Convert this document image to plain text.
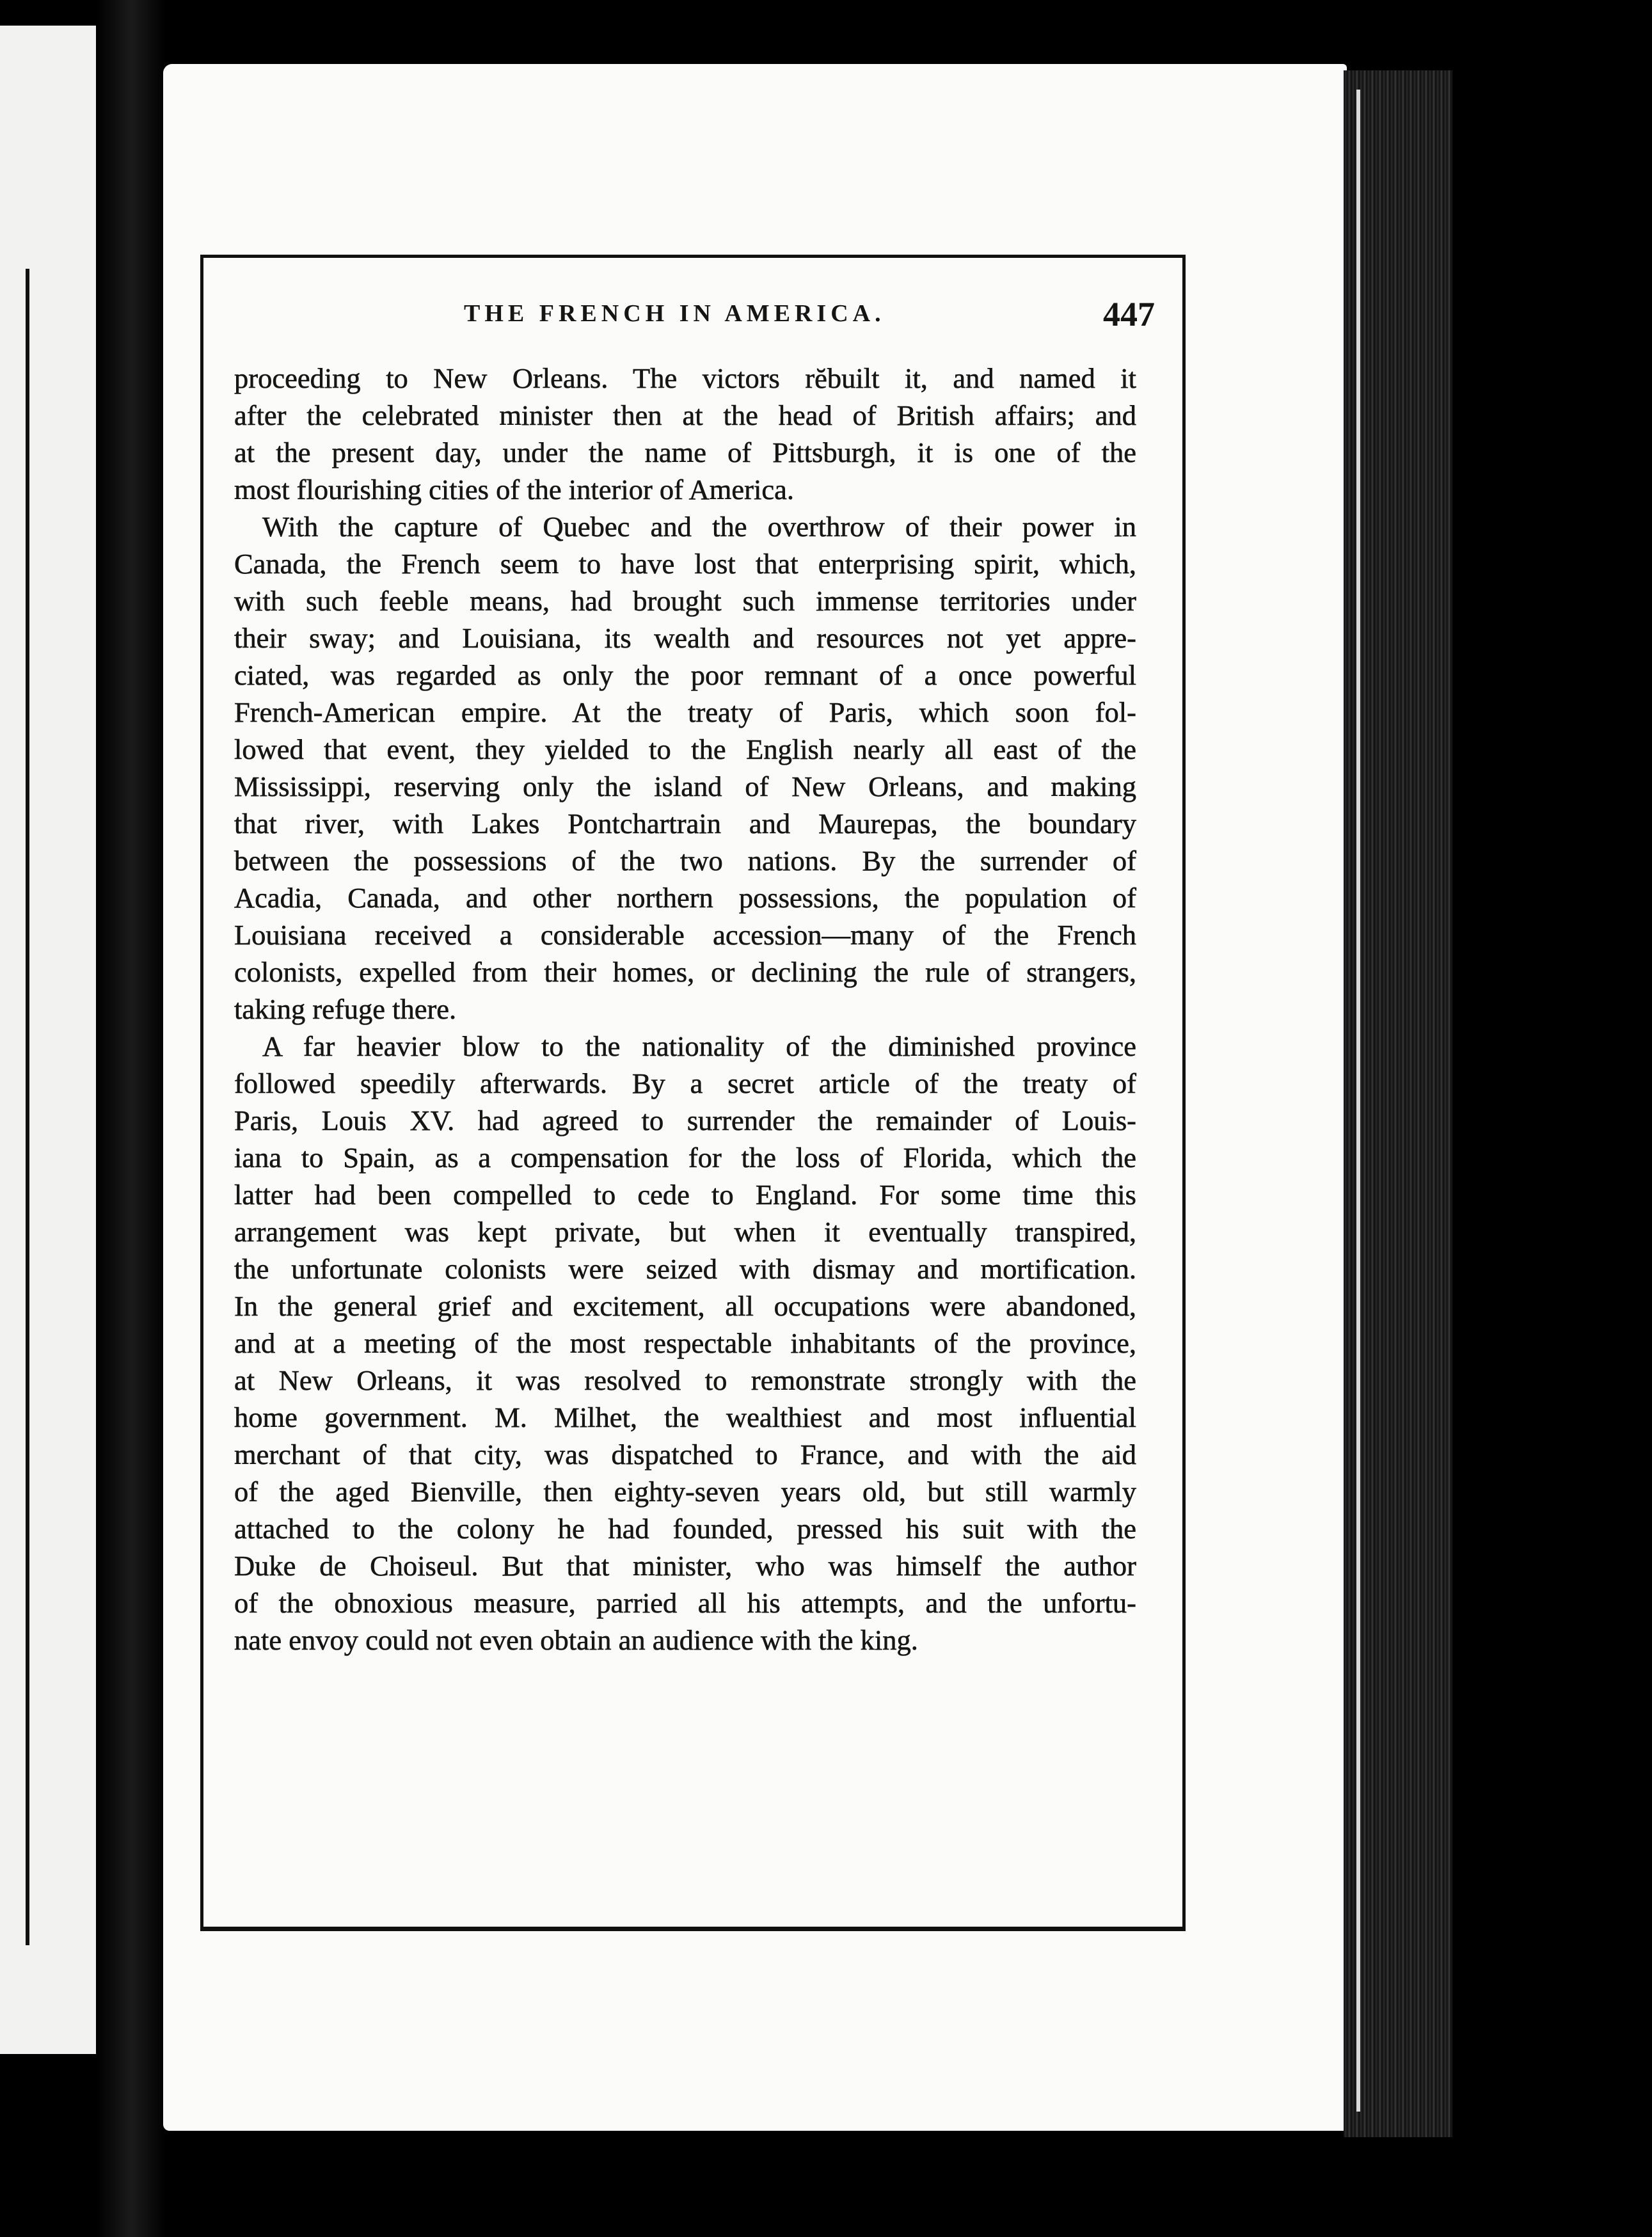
THE FRENCH IN AMERICA.	447
proceeding to New Orleans. The victors rĕbuilt it, and named it
after the celebrated minister then at the head of British affairs; and
at the present day, under the name of Pittsburgh, it is one of the
most flourishing cities of the interior of America.
With the capture of Quebec and the overthrow of their power in
Canada, the French seem to have lost that enterprising spirit, which,
with such feeble means, had brought such immense territories under
their sway; and Louisiana, its wealth and resources not yet appre-
ciated, was regarded as only the poor remnant of a once powerful
French-American empire. At the treaty of Paris, which soon fol-
lowed that event, they yielded to the English nearly all east of the
Mississippi, reserving only the island of New Orleans, and making
that river, with Lakes Pontchartrain and Maurepas, the boundary
between the possessions of the two nations. By the surrender of
Acadia, Canada, and other northern possessions, the population of
Louisiana received a considerable accession—many of the French
colonists, expelled from their homes, or declining the rule of strangers,
taking refuge there.
A far heavier blow to the nationality of the diminished province
followed speedily afterwards. By a secret article of the treaty of
Paris, Louis XV. had agreed to surrender the remainder of Louis-
iana to Spain, as a compensation for the loss of Florida, which the
latter had been compelled to cede to England. For some time this
arrangement was kept private, but when it eventually transpired,
the unfortunate colonists were seized with dismay and mortification.
In the general grief and excitement, all occupations were abandoned,
and at a meeting of the most respectable inhabitants of the province,
at New Orleans, it was resolved to remonstrate strongly with the
home government. M. Milhet, the wealthiest and most influential
merchant of that city, was dispatched to France, and with the aid
of the aged Bienville, then eighty-seven years old, but still warmly
attached to the colony he had founded, pressed his suit with the
Duke de Choiseul. But that minister, who was himself the author
of the obnoxious measure, parried all his attempts, and the unfortu-
nate envoy could not even obtain an audience with the king.
